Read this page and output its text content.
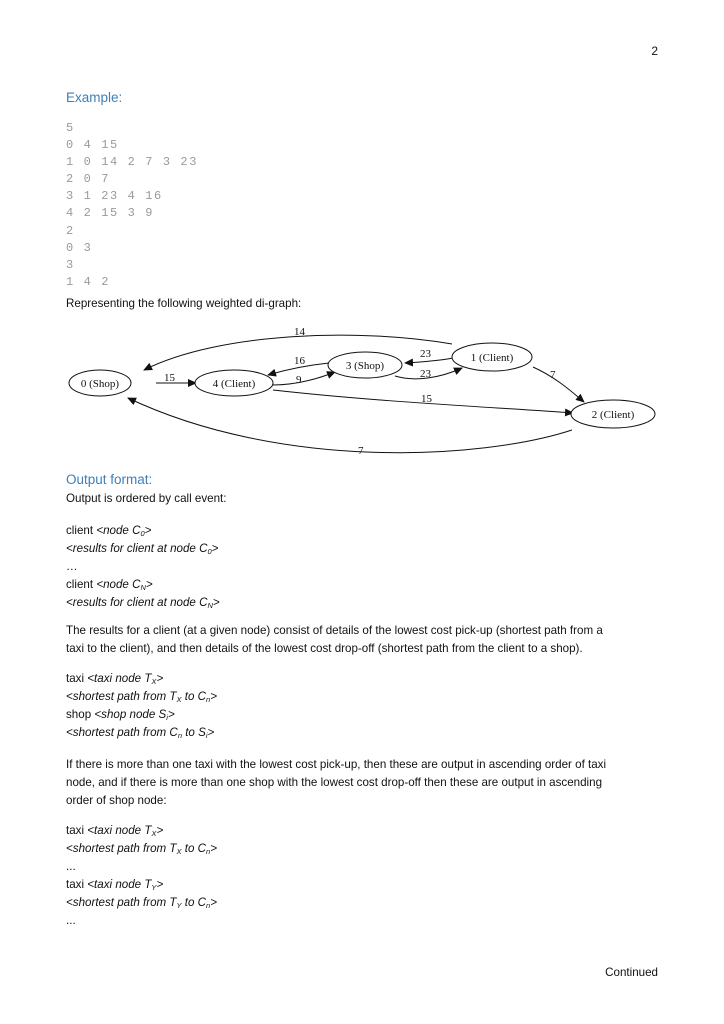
2
Example:
5
0 4 15
1 0 14 2 7 3 23
2 0 7
3 1 23 4 16
4 2 15 3 9
2
0 3
3
1 4 2
Representing the following weighted di-graph:
14
15
16
9
23
23	7
15
7
0 (Shop)	4 (Client)
3 (Shop)
1 (Client)
2 (Client)
Output format:
Output is ordered by call event:
client <node $C_0>$
<results for client at node $C_0>$
…
client <node $C_N>$
<results for client at node $C_N>$
The results for a client (at a given node) consist of details of the lowest cost pick-up (shortest path from a
taxi to the client), and then details of the lowest cost drop-off (shortest path from the client to a shop).
taxi <taxi node $T_X>$
<shortest path from $T_X$ to $C_n>$
shop <shop node $S_i>$
<shortest path from $C_n$ to $S_i>$
If there is more than one taxi with the lowest cost pick-up, then these are output in ascending order of taxi
node, and if there is more than one shop with the lowest cost drop-off then these are output in ascending
order of shop node:
taxi <taxi node $T_X>$
<shortest path from $T_X$ to $C_n>$
...
taxi <taxi node $T_Y>$
<shortest path from $T_Y$ to $C_n>$
...
Continued
